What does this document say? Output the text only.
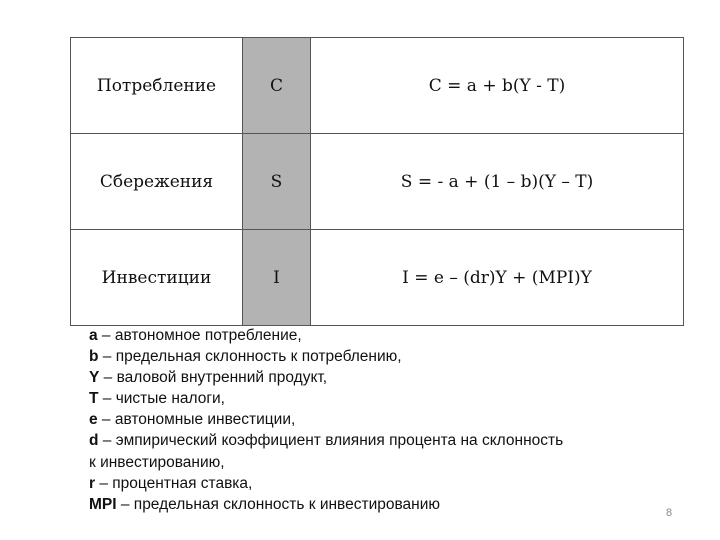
Потребление	C	C = a + b(Y - T)
Сбережения	S	S = - a + (1 – b)(Y – T)
Инвестиции	I	I = e – (dr)Y + (MPI)Y
a – автономное потребление,
b – предельная склонность к потреблению,
Y – валовой внутренний продукт,
T – чистые налоги,
e – автономные инвестиции,
d – эмпирический коэффициент влияния процента на склонность
к инвестированию,
r – процентная ставка,
MPI – предельная склонность к инвестированию
8
